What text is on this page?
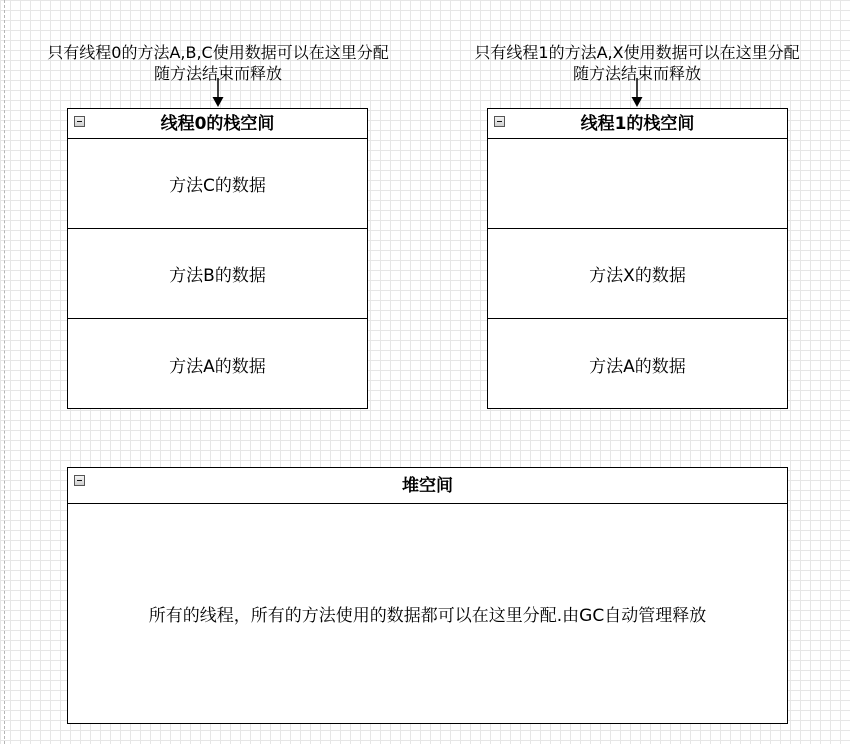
只有线程0的方法A,B,C使用数据可以在这里分配
随方法结束而释放
只有线程1的方法A,X使用数据可以在这里分配
随方法结束而释放
线程0的栈空间
方法C的数据
方法B的数据
方法A的数据
线程1的栈空间
方法X的数据
方法A的数据
堆空间
所有的线程，所有的方法使用的数据都可以在这里分配.由GC自动管理释放
